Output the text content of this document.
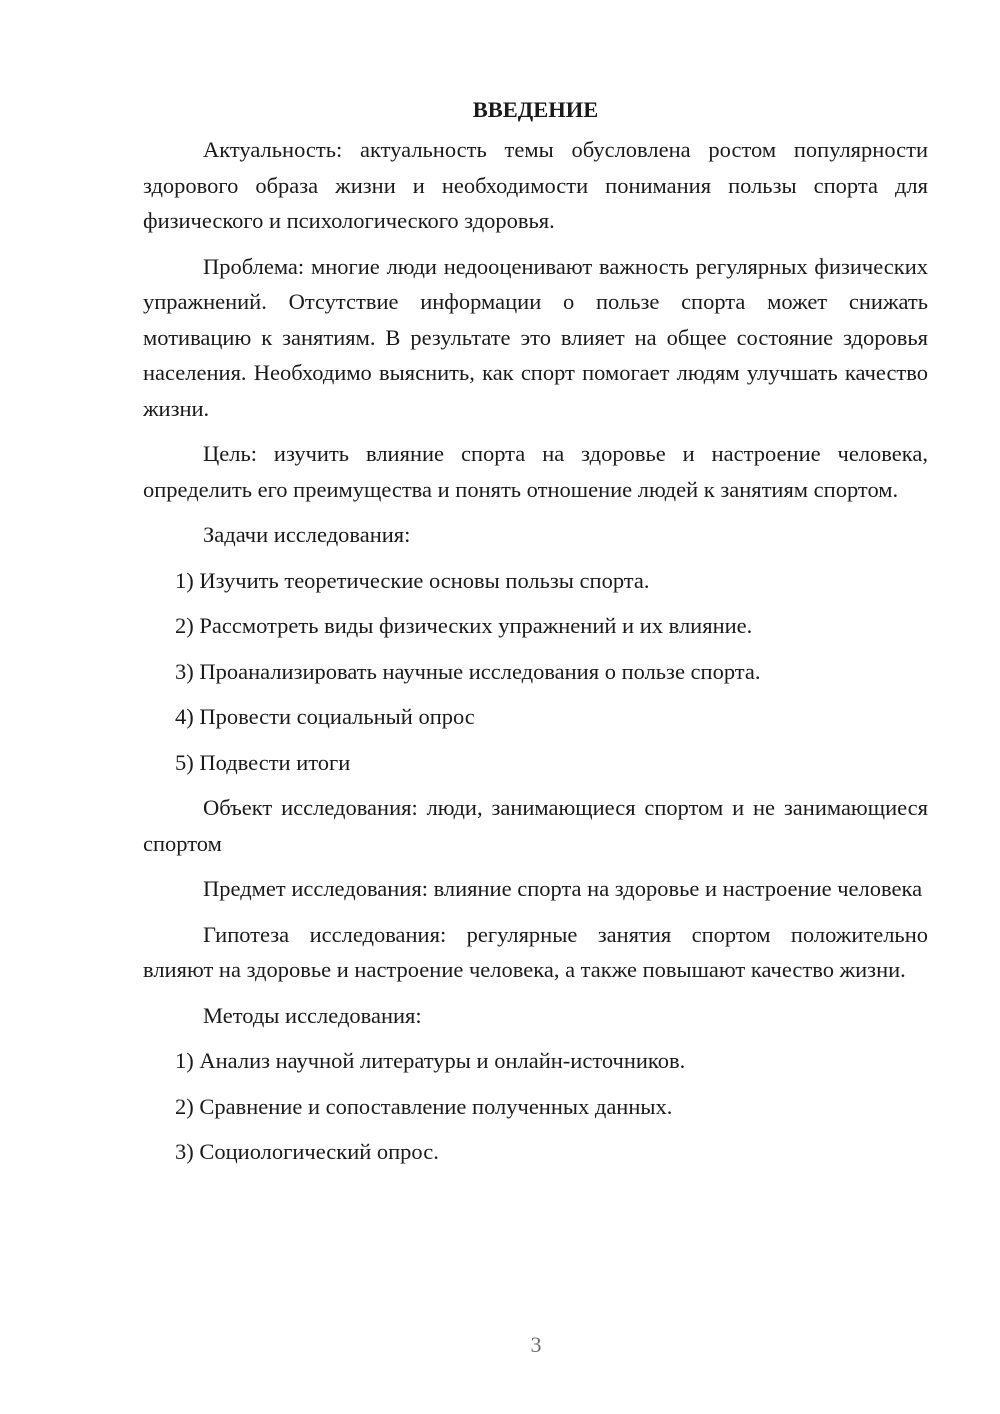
ВВЕДЕНИЕ

Актуальность: актуальность темы обусловлена ростом популярности здорового образа жизни и необходимости понимания пользы спорта для физического и психологического здоровья.

Проблема: многие люди недооценивают важность регулярных физических упражнений. Отсутствие информации о пользе спорта может снижать мотивацию к занятиям. В результате это влияет на общее состояние здоровья населения. Необходимо выяснить, как спорт помогает людям улучшать качество жизни.

Цель: изучить влияние спорта на здоровье и настроение человека, определить его преимущества и понять отношение людей к занятиям спортом.

Задачи исследования:

1) Изучить теоретические основы пользы спорта.
2) Рассмотреть виды физических упражнений и их влияние.
3) Проанализировать научные исследования о пользе спорта.
4) Провести социальный опрос
5) Подвести итоги

Объект исследования: люди, занимающиеся спортом и не занимающиеся спортом

Предмет исследования: влияние спорта на здоровье и настроение человека

Гипотеза исследования: регулярные занятия спортом положительно влияют на здоровье и настроение человека, а также повышают качество жизни.

Методы исследования:

1) Анализ научной литературы и онлайн-источников.
2) Сравнение и сопоставление полученных данных.
3) Социологический опрос.
3
